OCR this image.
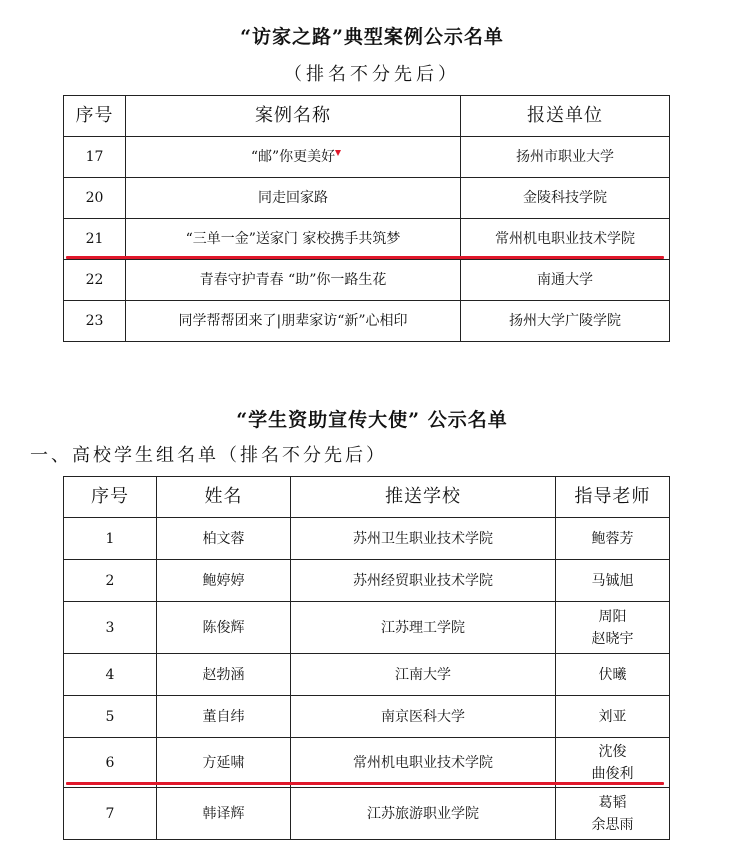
“访家之路”典型案例公示名单
（排名不分先后）
序号	案例名称	报送单位
17	“邮”你更美好	扬州市职业大学
20	同走回家路	金陵科技学院
21	“三单一金”送家门 家校携手共筑梦	常州机电职业技术学院
22	青春守护青春 “助”你一路生花	南通大学
23	同学帮帮团来了|朋辈家访“新”心相印	扬州大学广陵学院
“学生资助宣传大使” 公示名单
一、高校学生组名单（排名不分先后）
序号	姓名	推送学校	指导老师
1	柏文蓉	苏州卫生职业技术学院	鲍蓉芳

2	鲍婷婷	苏州经贸职业技术学院	马铖旭

3	陈俊辉	江苏理工学院	周阳
赵晓宇

4	赵勃涵	江南大学	伏曦

5	董自纬	南京医科大学	刘亚

6	方延啸	常州机电职业技术学院	沈俊
曲俊利

7	韩译辉	江苏旅游职业学院	葛韬
余思雨
